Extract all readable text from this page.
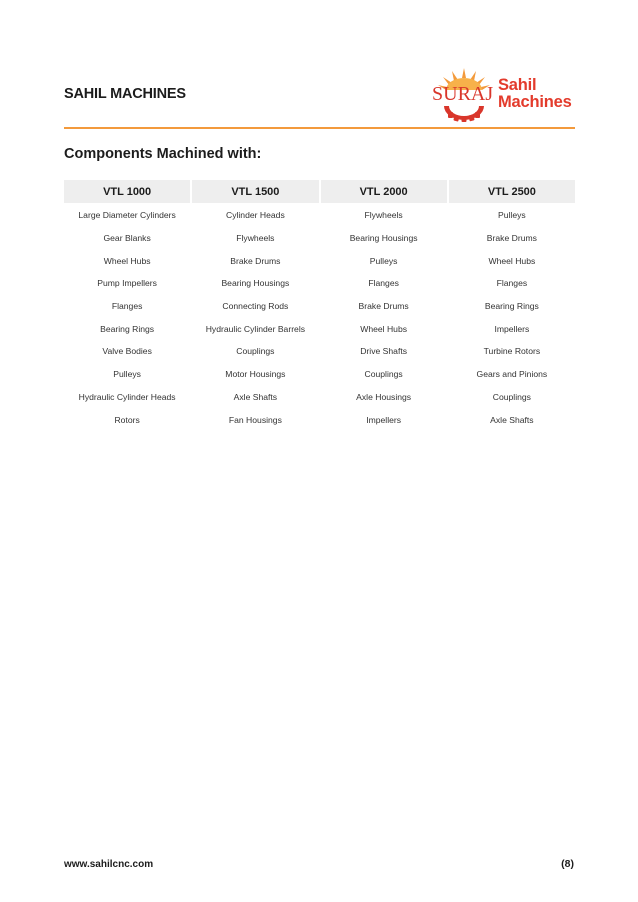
SAHIL MACHINES	SURAJ Sahil
Machines
Components Machined with:
VTL 1000	VTL 1500	VTL 2000	VTL 2500
Large Diameter Cylinders	Cylinder Heads	Flywheels	Pulleys
Gear Blanks	Flywheels	Bearing Housings	Brake Drums
Wheel Hubs	Brake Drums	Pulleys	Wheel Hubs
Pump Impellers	Bearing Housings	Flanges	Flanges
Flanges	Connecting Rods	Brake Drums	Bearing Rings
Bearing Rings	Hydraulic Cylinder Barrels	Wheel Hubs	Impellers
Valve Bodies	Couplings	Drive Shafts	Turbine Rotors
Pulleys	Motor Housings	Couplings	Gears and Pinions
Hydraulic Cylinder Heads	Axle Shafts	Axle Housings	Couplings
Rotors	Fan Housings	Impellers	Axle Shafts
www.sahilcnc.com	(8)
